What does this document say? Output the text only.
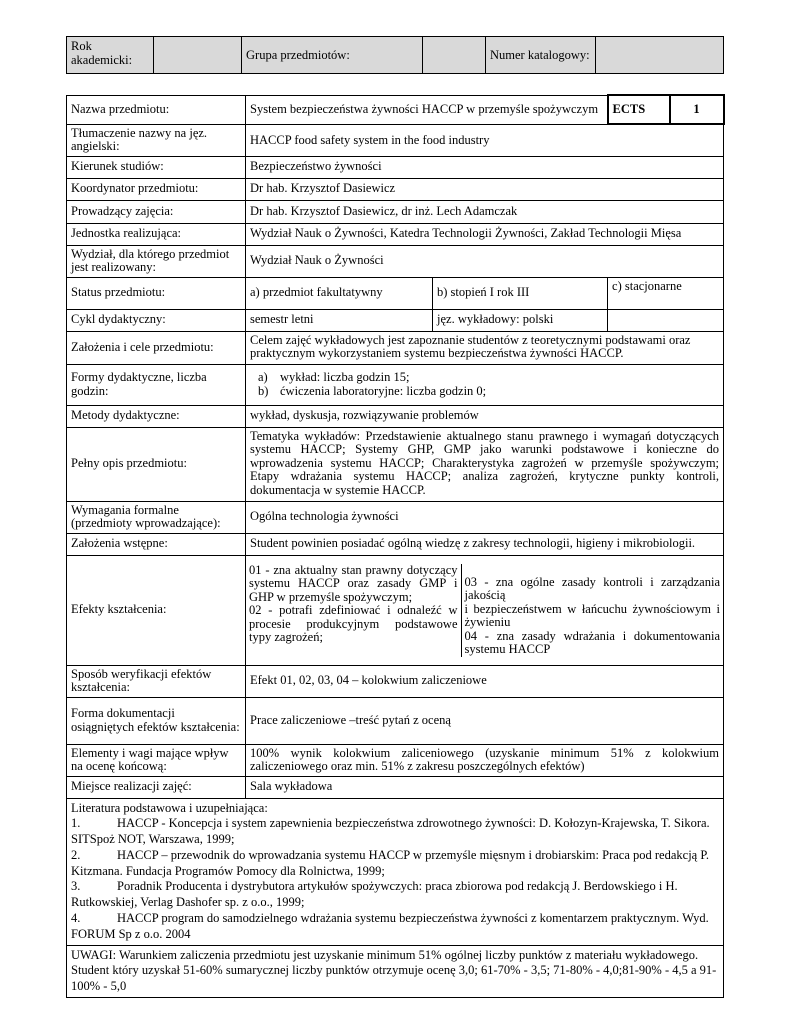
Rok akademicki:		Grupa przedmiotów:		Numer katalogowy:	
Nazwa przedmiotu:	System bezpieczeństwa żywności HACCP w przemyśle spożywczym	ECTS	1
Tłumaczenie nazwy na jęz. angielski:	HACCP food safety system in the food industry
Kierunek studiów:	Bezpieczeństwo żywności
Koordynator przedmiotu:	Dr hab. Krzysztof Dasiewicz
Prowadzący zajęcia:	Dr hab. Krzysztof Dasiewicz, dr inż. Lech Adamczak
Jednostka realizująca:	Wydział Nauk o Żywności, Katedra Technologii Żywności, Zakład Technologii Mięsa
Wydział, dla którego przedmiot jest realizowany:	Wydział Nauk o Żywności
Status przedmiotu:	a) przedmiot fakultatywny	b) stopień I rok III	c) stacjonarne
Cykl dydaktyczny:	semestr letni	jęz. wykładowy: polski	
Założenia i cele przedmiotu:	Celem zajęć wykładowych jest zapoznanie studentów z teoretycznymi podstawami oraz praktycznym wykorzystaniem systemu bezpieczeństwa żywności HACCP.
Formy dydaktyczne, liczba godzin:	
a) wykład: liczba godzin 15;
b) ćwiczenia laboratoryjne: liczba godzin 0;

Metody dydaktyczne:	wykład, dyskusja, rozwiązywanie problemów
Pełny opis przedmiotu:	Tematyka wykładów: Przedstawienie aktualnego stanu prawnego i wymagań dotyczących systemu HACCP; Systemy GHP, GMP jako warunki podstawowe i konieczne do wprowadzenia systemu HACCP; Charakterystyka zagrożeń w przemyśle spożywczym; Etapy wdrażania systemu HACCP; analiza zagrożeń, krytyczne punkty kontroli, dokumentacja w systemie HACCP.
Wymagania formalne (przedmioty wprowadzające):	Ogólna technologia żywności
Założenia wstępne:	Student powinien posiadać ogólną wiedzę z zakresy technologii, higieny i mikrobiologii.
Efekty kształcenia:	
01 - zna aktualny stan prawny dotyczący systemu HACCP oraz zasady GMP i GHP w przemyśle spożywczym;
02 - potrafi zdefiniować i odnaleźć w procesie produkcyjnym podstawowe typy zagrożeń;

03 - zna ogólne zasady kontroli i zarządzania jakością
i bezpieczeństwem w łańcuchu żywnościowym i żywieniu
04 - zna zasady wdrażania i dokumentowania systemu HACCP

Sposób weryfikacji efektów kształcenia:	Efekt 01, 02, 03, 04 – kolokwium zaliczeniowe
Forma dokumentacji osiągniętych efektów kształcenia:	Prace zaliczeniowe –treść pytań z oceną
Elementy i wagi mające wpływ na ocenę końcową:	100% wynik kolokwium zaliceniowego (uzyskanie minimum 51% z kolokwium zaliczeniowego oraz min. 51% z zakresu poszczególnych efektów)
Miejsce realizacji zajęć:	Sala wykładowa

Literatura podstawowa i uzupełniająca:

1.	HACCP - Koncepcja i system zapewnienia bezpieczeństwa zdrowotnego żywności: D. Kołozyn-Krajewska, T. Sikora. SITSpoż NOT, Warszawa, 1999;

2.	HACCP – przewodnik do wprowadzania systemu HACCP w przemyśle mięsnym i drobiarskim: Praca pod redakcją P. Kitzmana. Fundacja Programów Pomocy dla Rolnictwa, 1999;

3.	Poradnik Producenta i dystrybutora artykułów spożywczych: praca zbiorowa pod redakcją J. Berdowskiego i H. Rutkowskiej, Verlag Dashofer sp. z o.o., 1999;

4.	HACCP program do samodzielnego wdrażania systemu bezpieczeństwa żywności z komentarzem praktycznym. Wyd. FORUM Sp z o.o. 2004

UWAGI: Warunkiem zaliczenia przedmiotu jest uzyskanie minimum 51% ogólnej liczby punktów z materiału wykładowego. Student który uzyskał 51-60% sumarycznej liczby punktów otrzymuje ocenę 3,0; 61-70% - 3,5; 71-80% - 4,0;81-90% - 4,5 a 91-100% - 5,0
